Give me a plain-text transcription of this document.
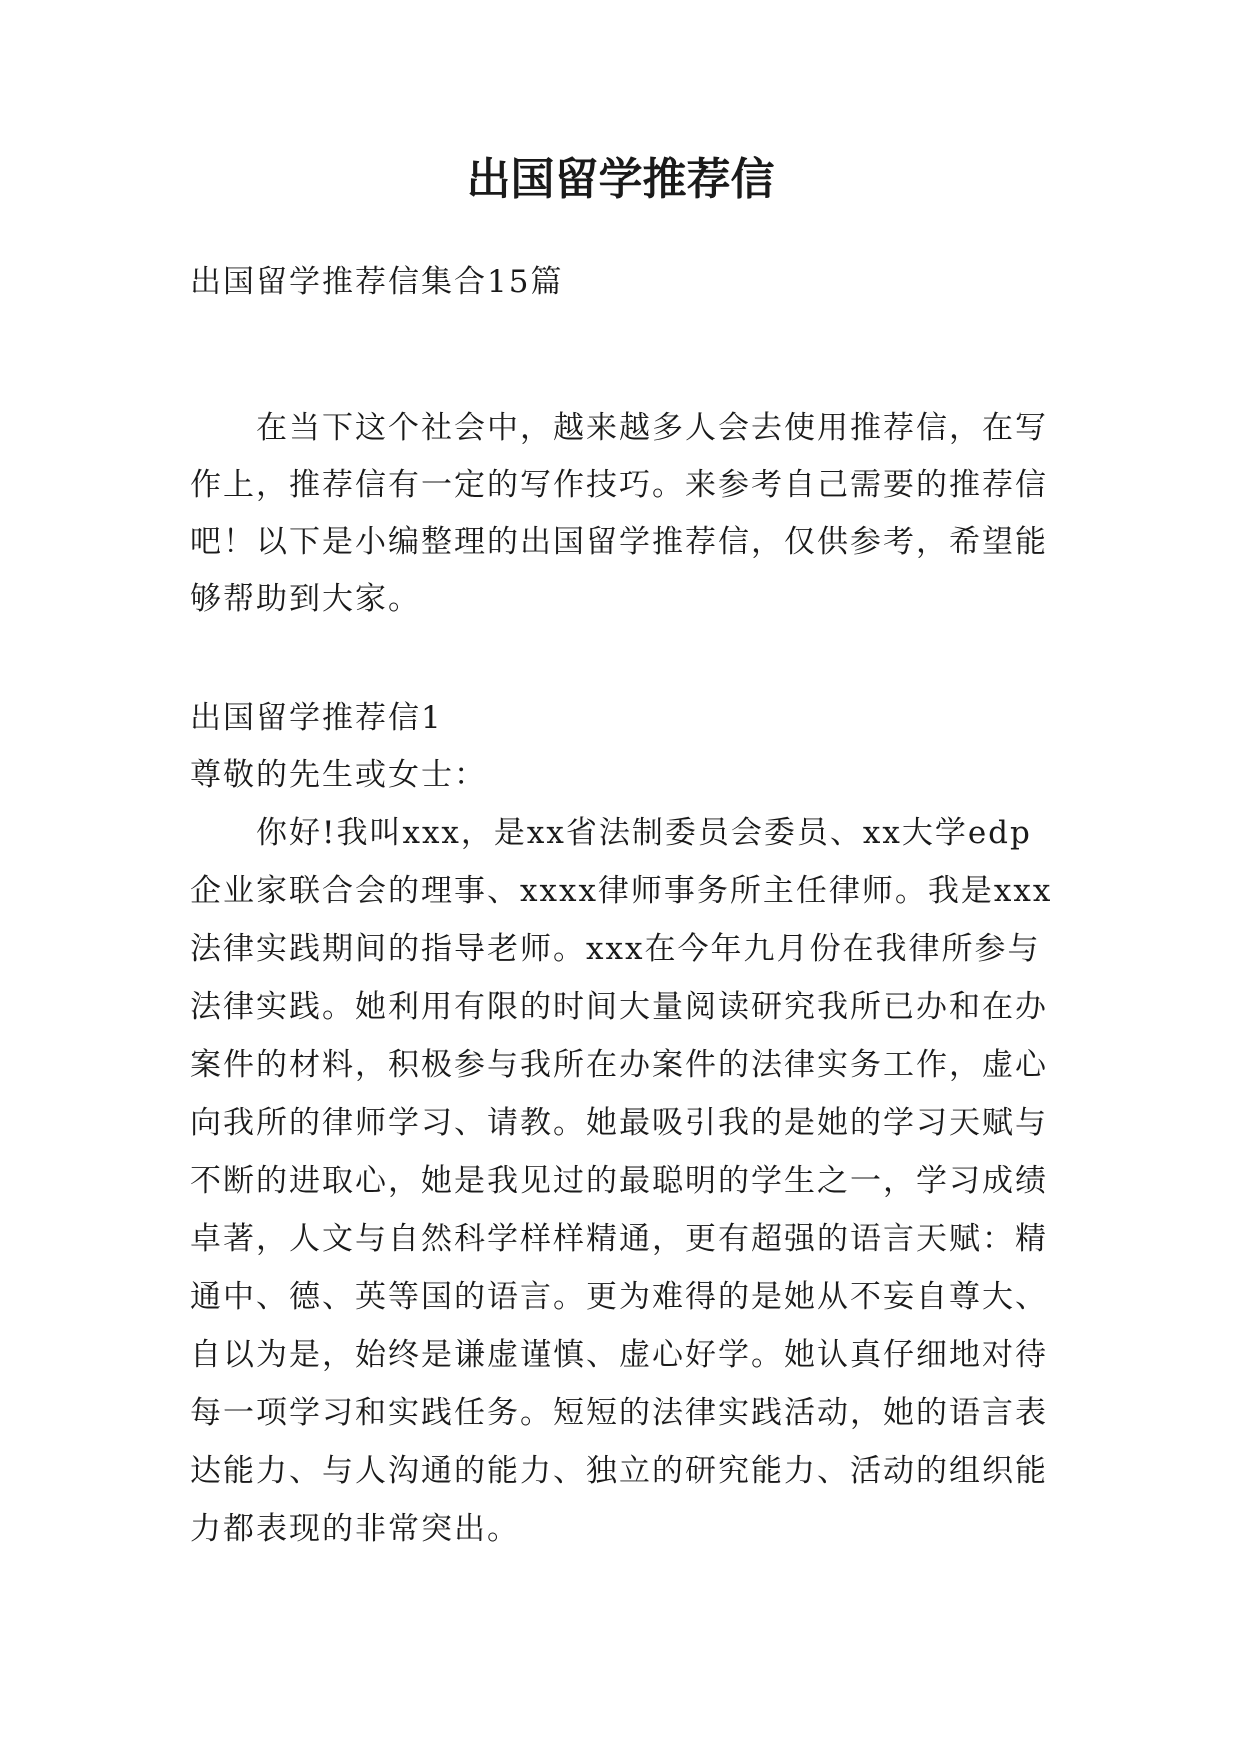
出国留学推荐信

出国留学推荐信集合15篇

　　在当下这个社会中，越来越多人会去使用推荐信，在写

作上，推荐信有一定的写作技巧。来参考自己需要的推荐信

吧！以下是小编整理的出国留学推荐信，仅供参考，希望能

够帮助到大家。

出国留学推荐信1

尊敬的先生或女士：

　　你好!我叫xxx，是xx省法制委员会委员、xx大学edp

企业家联合会的理事、xxxx律师事务所主任律师。我是xxx

法律实践期间的指导老师。xxx在今年九月份在我律所参与

法律实践。她利用有限的时间大量阅读研究我所已办和在办

案件的材料，积极参与我所在办案件的法律实务工作，虚心

向我所的律师学习、请教。她最吸引我的是她的学习天赋与

不断的进取心，她是我见过的最聪明的学生之一，学习成绩

卓著，人文与自然科学样样精通，更有超强的语言天赋：精

通中、德、英等国的语言。更为难得的是她从不妄自尊大、

自以为是，始终是谦虚谨慎、虚心好学。她认真仔细地对待

每一项学习和实践任务。短短的法律实践活动，她的语言表

达能力、与人沟通的能力、独立的研究能力、活动的组织能

力都表现的非常突出。
